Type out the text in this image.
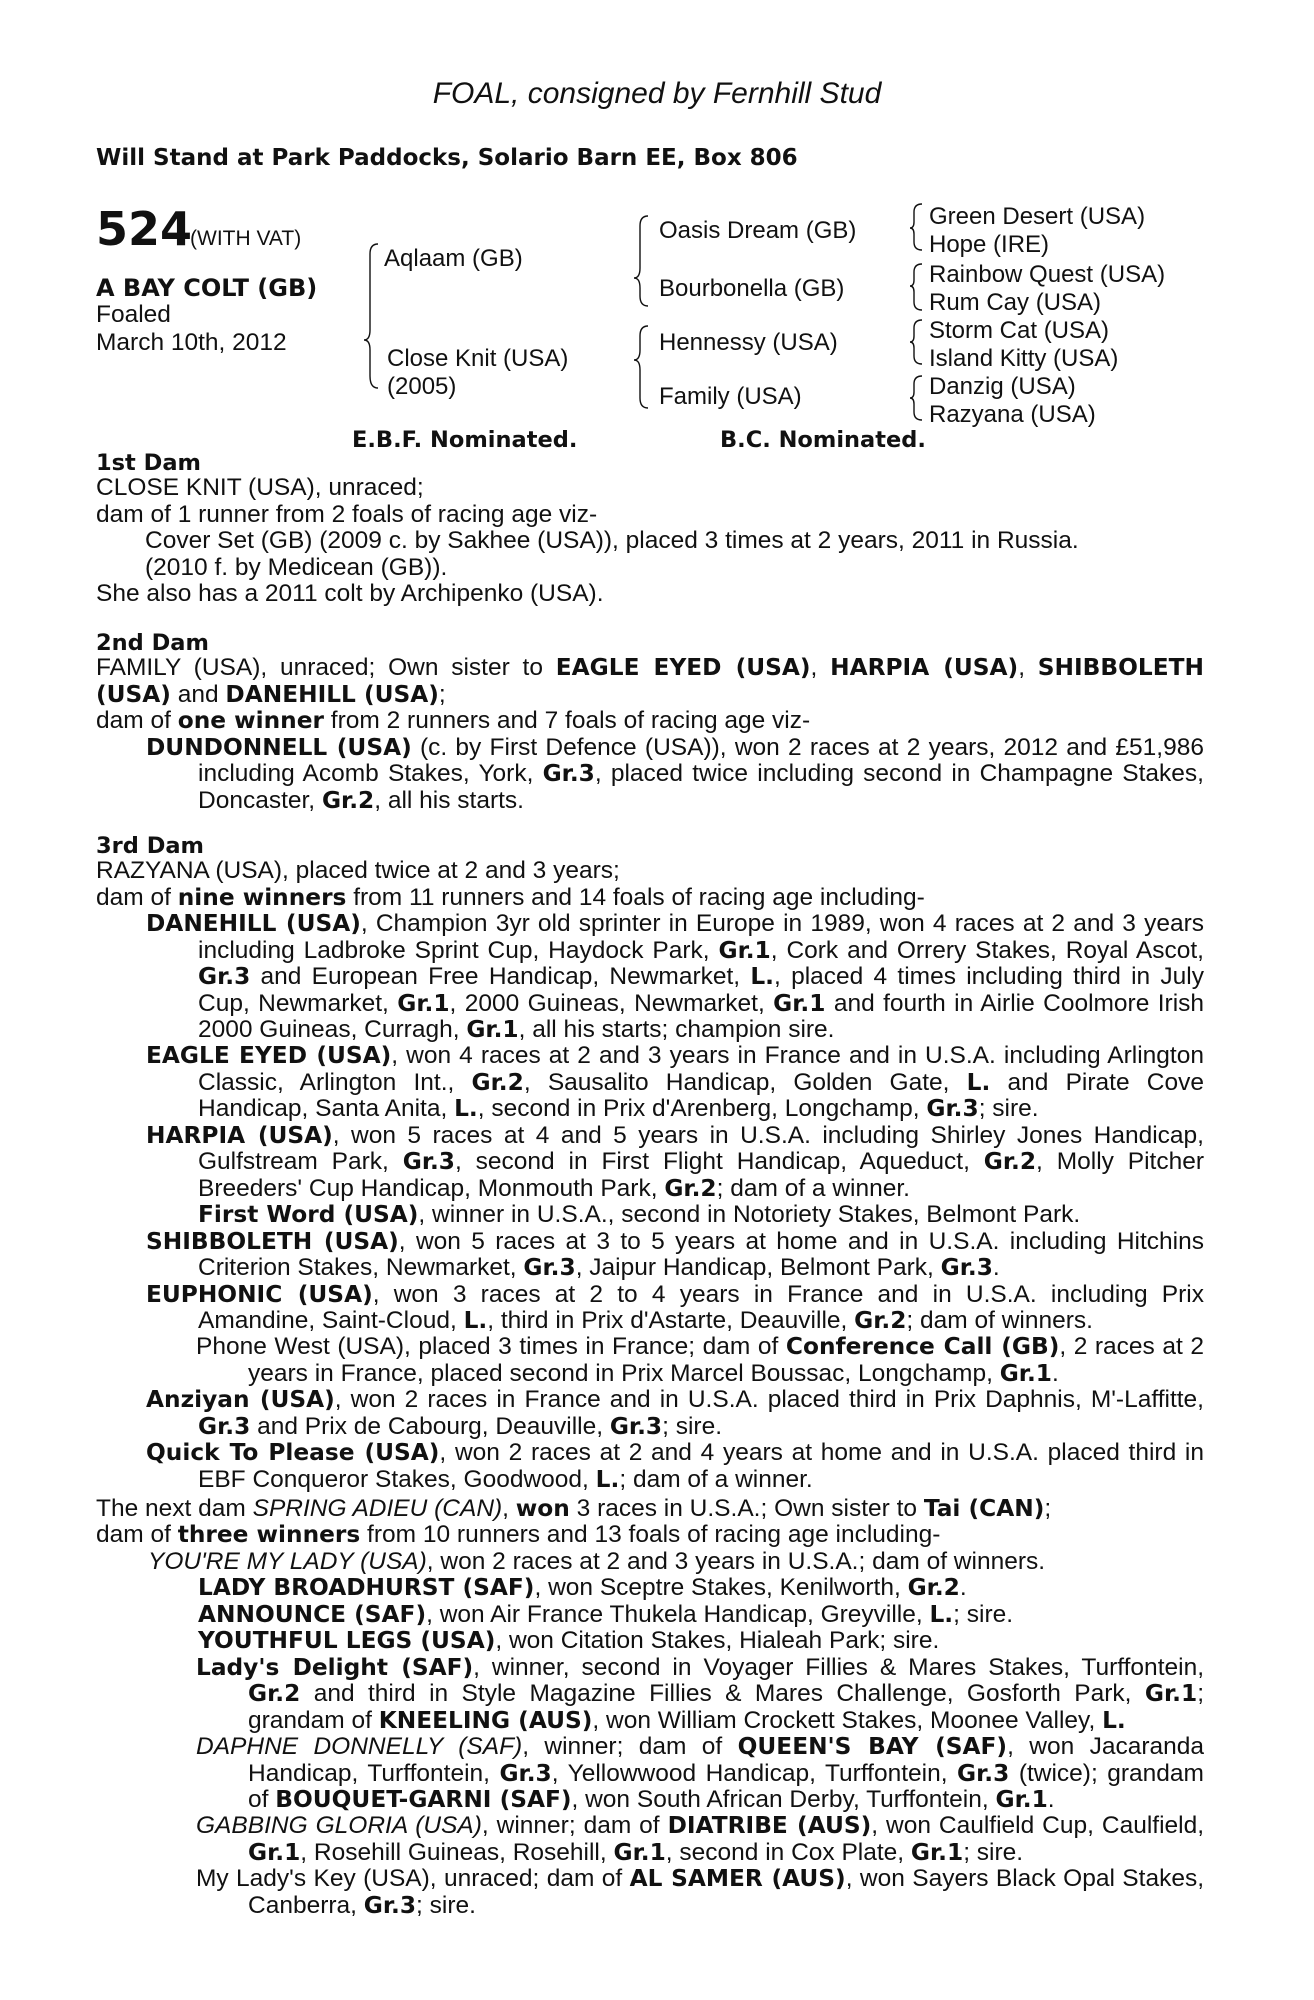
FOAL, consigned by Fernhill Stud
Will Stand at Park Paddocks, Solario Barn EE, Box 806
524
(WITH VAT)
A BAY COLT (GB)
Foaled
March 10th, 2012
Aqlaam (GB)
Close Knit (USA)
(2005)
Oasis Dream (GB)
Bourbonella (GB)
Hennessy (USA)
Family (USA)
Green Desert (USA)
Hope (IRE)
Rainbow Quest (USA)
Rum Cay (USA)
Storm Cat (USA)
Island Kitty (USA)
Danzig (USA)
Razyana (USA)
E.B.F. Nominated.	B.C. Nominated.

1st Dam

CLOSE KNIT (USA), unraced;

dam of 1 runner from 2 foals of racing age viz-

Cover Set (GB) (2009 c. by Sakhee (USA)), placed 3 times at 2 years, 2011 in Russia.

(2010 f. by Medicean (GB)).

She also has a 2011 colt by Archipenko (USA).

2nd Dam

FAMILY (USA), unraced; Own sister to EAGLE EYED (USA), HARPIA (USA), SHIBBOLETH (USA) and DANEHILL (USA);

dam of one winner from 2 runners and 7 foals of racing age viz-

DUNDONNELL (USA) (c. by First Defence (USA)), won 2 races at 2 years, 2012 and £51,986 including Acomb Stakes, York, Gr.3, placed twice including second in Champagne Stakes, Doncaster, Gr.2, all his starts.

3rd Dam

RAZYANA (USA), placed twice at 2 and 3 years;

dam of nine winners from 11 runners and 14 foals of racing age including-

DANEHILL (USA), Champion 3yr old sprinter in Europe in 1989, won 4 races at 2 and 3 years including Ladbroke Sprint Cup, Haydock Park, Gr.1, Cork and Orrery Stakes, Royal Ascot, Gr.3 and European Free Handicap, Newmarket, L., placed 4 times including third in July Cup, Newmarket, Gr.1, 2000 Guineas, Newmarket, Gr.1 and fourth in Airlie Coolmore Irish 2000 Guineas, Curragh, Gr.1, all his starts; champion sire.

EAGLE EYED (USA), won 4 races at 2 and 3 years in France and in U.S.A. including Arlington Classic, Arlington Int., Gr.2, Sausalito Handicap, Golden Gate, L. and Pirate Cove Handicap, Santa Anita, L., second in Prix d'Arenberg, Longchamp, Gr.3; sire.

HARPIA (USA), won 5 races at 4 and 5 years in U.S.A. including Shirley Jones Handicap, Gulfstream Park, Gr.3, second in First Flight Handicap, Aqueduct, Gr.2, Molly Pitcher Breeders' Cup Handicap, Monmouth Park, Gr.2; dam of a winner.

First Word (USA), winner in U.S.A., second in Notoriety Stakes, Belmont Park.

SHIBBOLETH (USA), won 5 races at 3 to 5 years at home and in U.S.A. including Hitchins Criterion Stakes, Newmarket, Gr.3, Jaipur Handicap, Belmont Park, Gr.3.

EUPHONIC (USA), won 3 races at 2 to 4 years in France and in U.S.A. including Prix Amandine, Saint-Cloud, L., third in Prix d'Astarte, Deauville, Gr.2; dam of winners.

Phone West (USA), placed 3 times in France; dam of Conference Call (GB), 2 races at 2 years in France, placed second in Prix Marcel Boussac, Longchamp, Gr.1.

Anziyan (USA), won 2 races in France and in U.S.A. placed third in Prix Daphnis, M'-Laffitte, Gr.3 and Prix de Cabourg, Deauville, Gr.3; sire.

Quick To Please (USA), won 2 races at 2 and 4 years at home and in U.S.A. placed third in EBF Conqueror Stakes, Goodwood, L.; dam of a winner.

The next dam SPRING ADIEU (CAN), won 3 races in U.S.A.; Own sister to Tai (CAN);

dam of three winners from 10 runners and 13 foals of racing age including-

YOU'RE MY LADY (USA), won 2 races at 2 and 3 years in U.S.A.; dam of winners.

LADY BROADHURST (SAF), won Sceptre Stakes, Kenilworth, Gr.2.

ANNOUNCE (SAF), won Air France Thukela Handicap, Greyville, L.; sire.

YOUTHFUL LEGS (USA), won Citation Stakes, Hialeah Park; sire.

Lady's Delight (SAF), winner, second in Voyager Fillies & Mares Stakes, Turffontein, Gr.2 and third in Style Magazine Fillies & Mares Challenge, Gosforth Park, Gr.1; grandam of KNEELING (AUS), won William Crockett Stakes, Moonee Valley, L.

DAPHNE DONNELLY (SAF), winner; dam of QUEEN'S BAY (SAF), won Jacaranda Handicap, Turffontein, Gr.3, Yellowwood Handicap, Turffontein, Gr.3 (twice); grandam of BOUQUET-GARNI (SAF), won South African Derby, Turffontein, Gr.1.

GABBING GLORIA (USA), winner; dam of DIATRIBE (AUS), won Caulfield Cup, Caulfield, Gr.1, Rosehill Guineas, Rosehill, Gr.1, second in Cox Plate, Gr.1; sire.

My Lady's Key (USA), unraced; dam of AL SAMER (AUS), won Sayers Black Opal Stakes, Canberra, Gr.3; sire.
